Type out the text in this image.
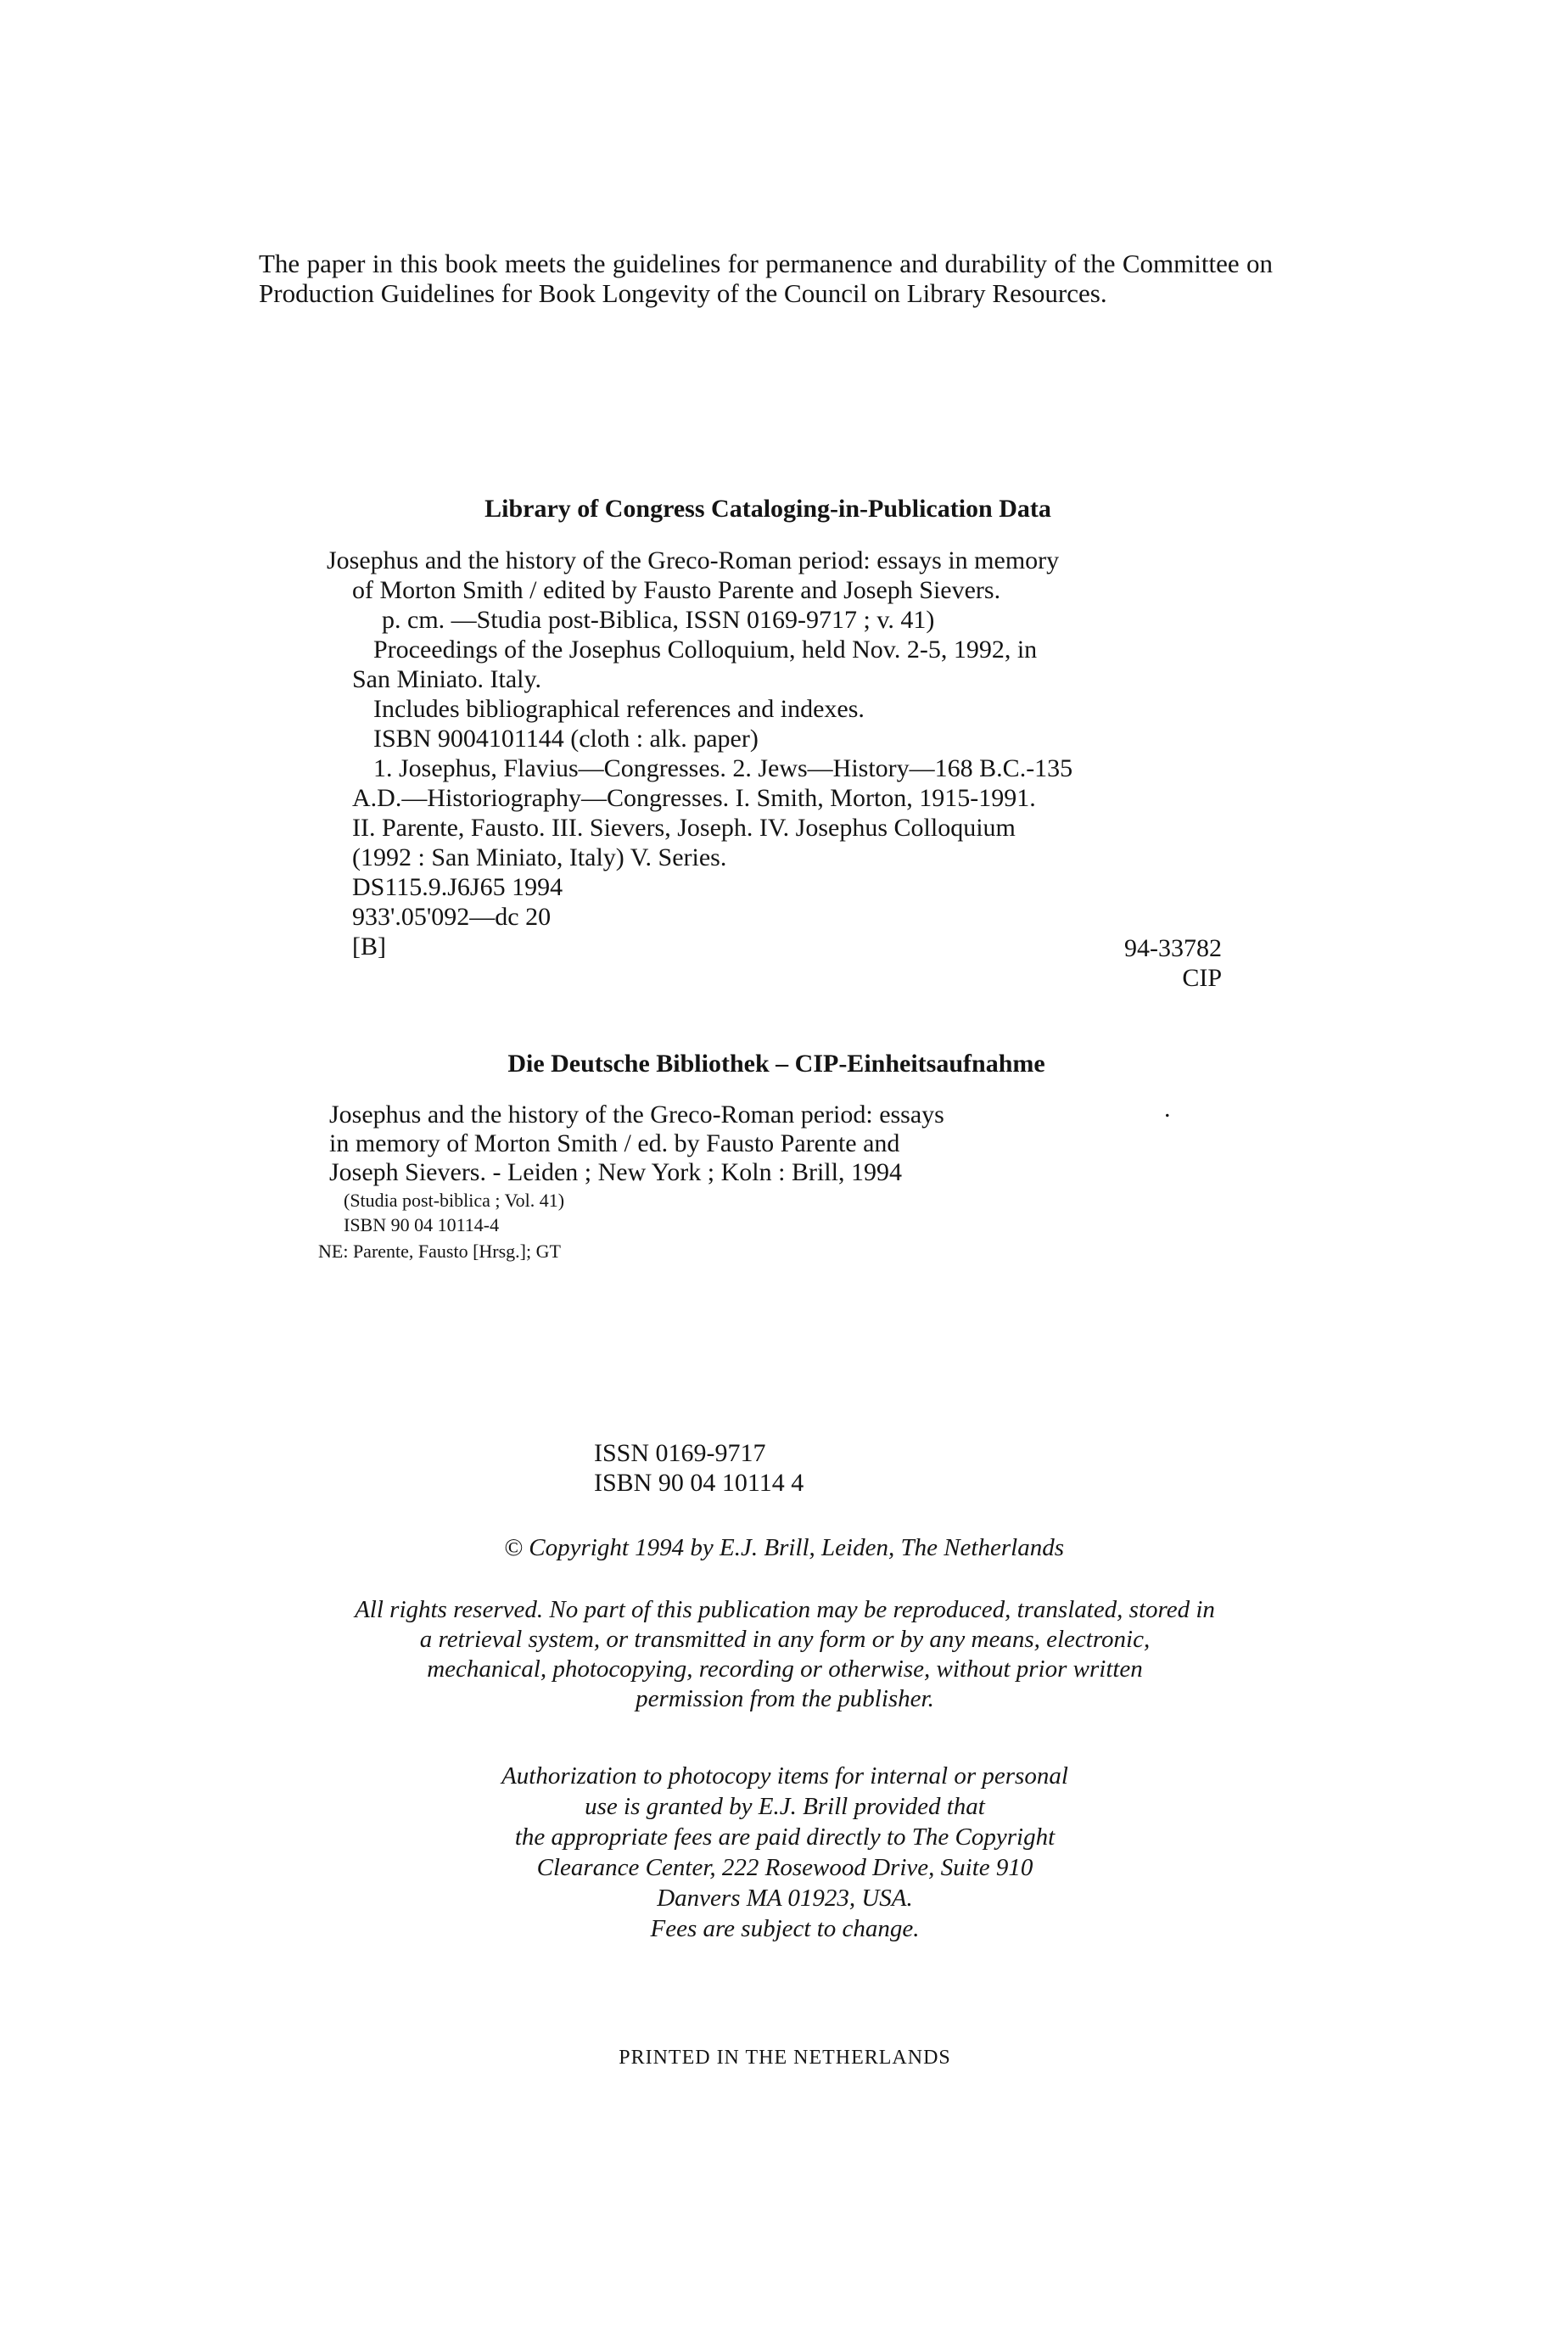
The paper in this book meets the guidelines for permanence and durability of the Committee on Production Guidelines for Book Longevity of the Council on Library Resources.
Library of Congress Cataloging-in-Publication Data
Josephus and the history of the Greco-Roman period: essays in memory
of Morton Smith / edited by Fausto Parente and Joseph Sievers.
p. cm. —Studia post-Biblica, ISSN 0169-9717 ; v. 41)
Proceedings of the Josephus Colloquium, held Nov. 2-5, 1992, in
San Miniato. Italy.
Includes bibliographical references and indexes.
ISBN 9004101144 (cloth : alk. paper)
1. Josephus, Flavius—Congresses. 2. Jews—History—168 B.C.-135
A.D.—Historiography—Congresses. I. Smith, Morton, 1915-1991.
II. Parente, Fausto. III. Sievers, Joseph. IV. Josephus Colloquium
(1992 : San Miniato, Italy) V. Series.
DS115.9.J6J65 1994
933'.05'092—dc 20
[B]	94-33782
CIP
Die Deutsche Bibliothek – CIP-Einheitsaufnahme
.
Josephus and the history of the Greco-Roman period: essays
in memory of Morton Smith / ed. by Fausto Parente and
Joseph Sievers. - Leiden ; New York ; Koln : Brill, 1994
(Studia post-biblica ; Vol. 41)
ISBN 90 04 10114-4
NE: Parente, Fausto [Hrsg.]; GT
ISSN 0169-9717
ISBN 90 04 10114 4
© Copyright 1994 by E.J. Brill, Leiden, The Netherlands
All rights reserved. No part of this publication may be reproduced, translated, stored in
a retrieval system, or transmitted in any form or by any means, electronic,
mechanical, photocopying, recording or otherwise, without prior written
permission from the publisher.
Authorization to photocopy items for internal or personal
use is granted by E.J. Brill provided that
the appropriate fees are paid directly to The Copyright
Clearance Center, 222 Rosewood Drive, Suite 910
Danvers MA 01923, USA.
Fees are subject to change.
PRINTED IN THE NETHERLANDS
